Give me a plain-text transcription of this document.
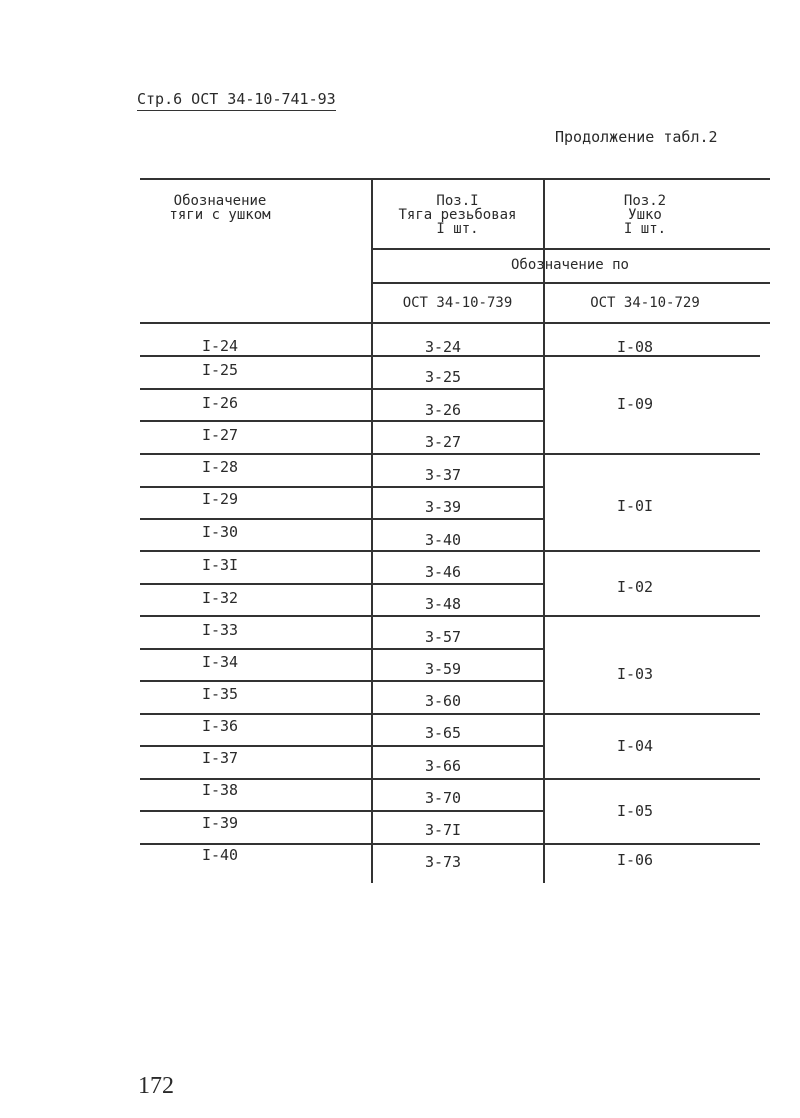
Стр.6 ОСТ 34-10-741-93
Продолжение табл.2
Обозначение
тяги с ушком
Поз.I
Тяга резьбовая
I шт.
Поз.2
Ушко
I шт.
Обозначение по
ОСТ 34-10-739	ОСТ 34-10-729
I-24
I-25
I-26
I-27
I-28
I-29
I-30
I-3I
I-32
I-33
I-34
I-35
I-36
I-37
I-38
I-39
I-40
3-24
3-25
3-26
3-27
3-37
3-39
3-40
3-46
3-48
3-57
3-59
3-60
3-65
3-66
3-70
3-7I
3-73
I-08
I-09
I-0I
I-02
I-03
I-04
I-05
I-06
172
